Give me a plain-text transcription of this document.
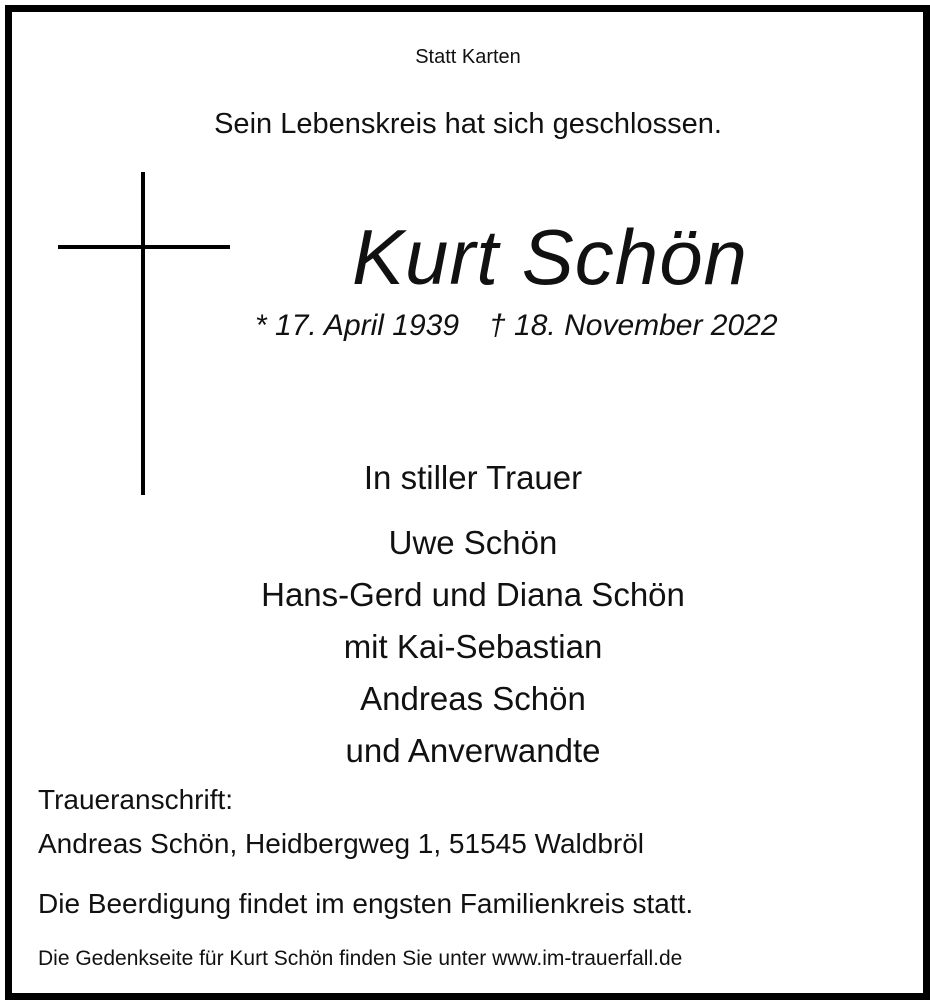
Statt Karten
Sein Lebenskreis hat sich geschlossen.
Kurt Schön
* 17. April 1939 † 18. November 2022
In stiller Trauer
Uwe Schön
Hans-Gerd und Diana Schön
mit Kai-Sebastian
Andreas Schön
und Anverwandte
Traueranschrift:
Andreas Schön, Heidbergweg 1, 51545 Waldbröl
Die Beerdigung findet im engsten Familienkreis statt.
Die Gedenkseite für Kurt Schön finden Sie unter www.im-trauerfall.de
